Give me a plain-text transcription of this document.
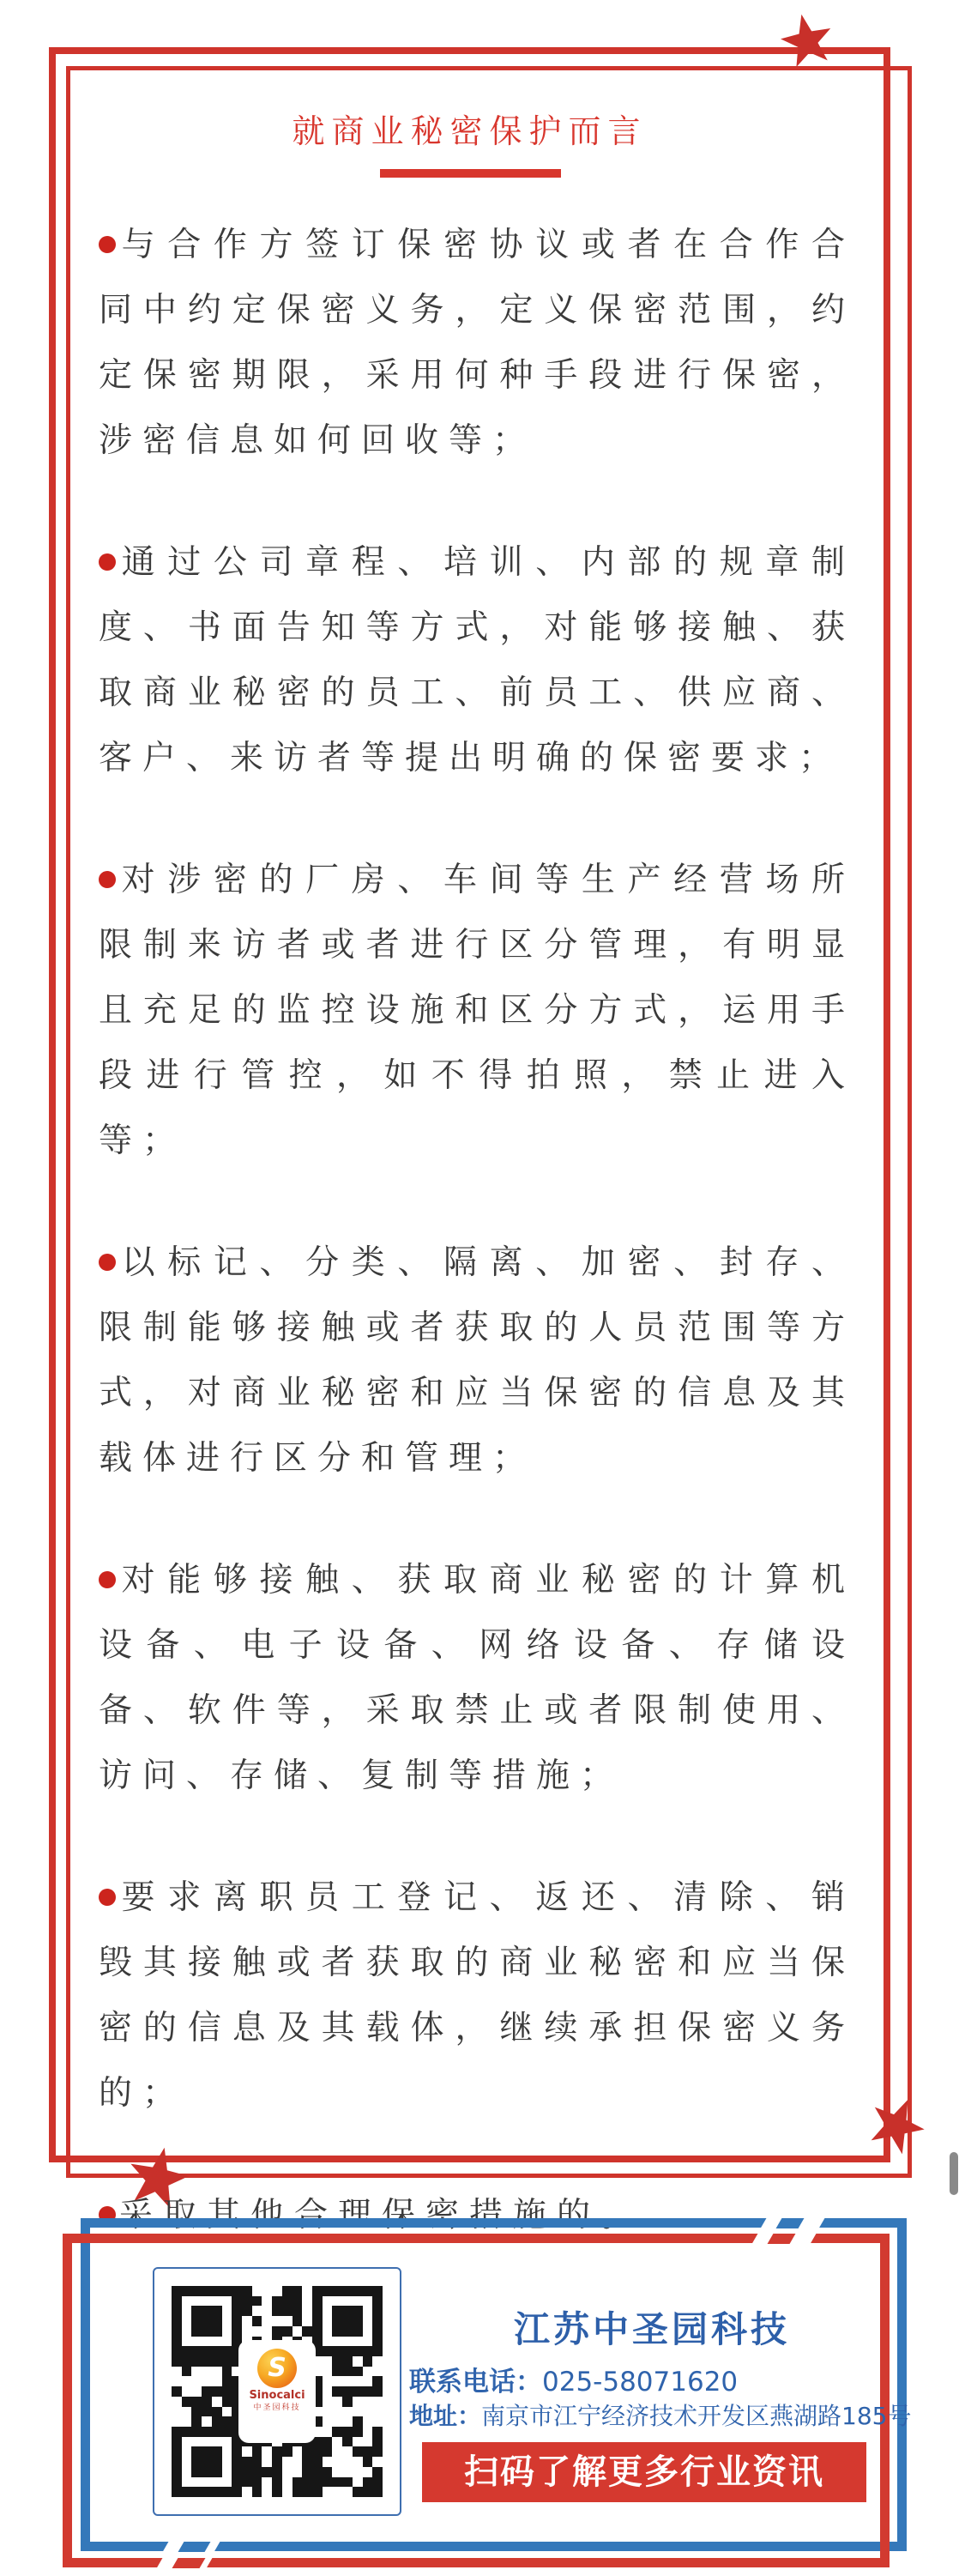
就商业秘密保护而言

与合作方签订保密协议或者在合作合同中约定保密义务，定义保密范围，约定保密期限，采用何种手段进行保密，涉密信息如何回收等；

通过公司章程、培训、内部的规章制度、书面告知等方式，对能够接触、获取商业秘密的员工、前员工、供应商、客户、来访者等提出明确的保密要求；

对涉密的厂房、车间等生产经营场所限制来访者或者进行区分管理，有明显且充足的监控设施和区分方式，运用手段进行管控，如不得拍照，禁止进入等；

以标记、分类、隔离、加密、封存、限制能够接触或者获取的人员范围等方式，对商业秘密和应当保密的信息及其载体进行区分和管理；

对能够接触、获取商业秘密的计算机设备、电子设备、网络设备、存储设备、软件等，采取禁止或者限制使用、访问、存储、复制等措施；

要求离职员工登记、返还、清除、销毁其接触或者获取的商业秘密和应当保密的信息及其载体，继续承担保密义务的；

采取其他合理保密措施的。

S
Sinocalci
中圣园科技
江苏中圣园科技
联系电话：025-58071620
地址：南京市江宁经济技术开发区燕湖路185号
扫码了解更多行业资讯
